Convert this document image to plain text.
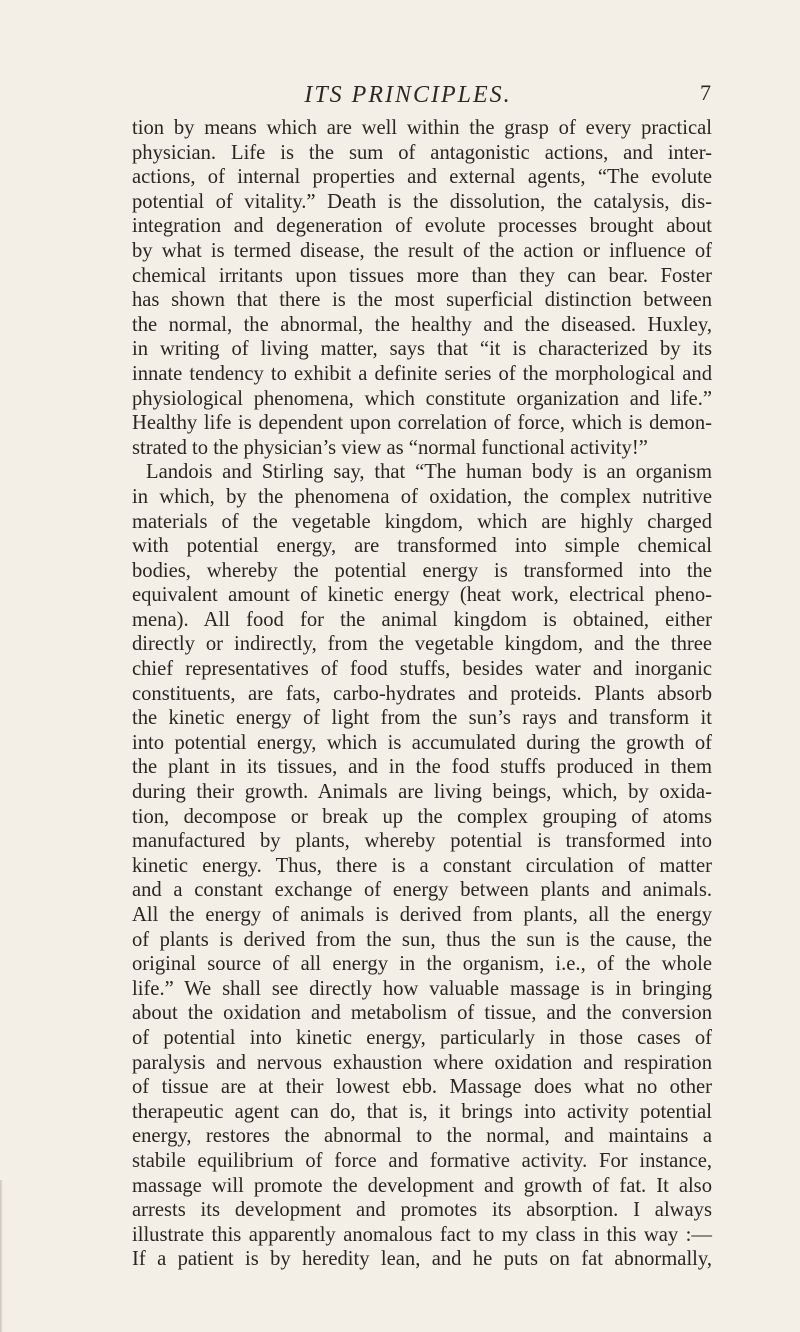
ITS PRINCIPLES.	7
tion by means which are well within the grasp of every practical
physician. Life is the sum of antagonistic actions, and inter-
actions, of internal properties and external agents, “The evolute
potential of vitality.” Death is the dissolution, the catalysis, dis-
integration and degeneration of evolute processes brought about
by what is termed disease, the result of the action or influence of
chemical irritants upon tissues more than they can bear. Foster
has shown that there is the most superficial distinction between
the normal, the abnormal, the healthy and the diseased. Huxley,
in writing of living matter, says that “it is characterized by its
innate tendency to exhibit a definite series of the morphological and
physiological phenomena, which constitute organization and life.”
Healthy life is dependent upon correlation of force, which is demon-
strated to the physician’s view as “normal functional activity!”
Landois and Stirling say, that “The human body is an organism
in which, by the phenomena of oxidation, the complex nutritive
materials of the vegetable kingdom, which are highly charged
with potential energy, are transformed into simple chemical
bodies, whereby the potential energy is transformed into the
equivalent amount of kinetic energy (heat work, electrical pheno-
mena). All food for the animal kingdom is obtained, either
directly or indirectly, from the vegetable kingdom, and the three
chief representatives of food stuffs, besides water and inorganic
constituents, are fats, carbo-hydrates and proteids. Plants absorb
the kinetic energy of light from the sun’s rays and transform it
into potential energy, which is accumulated during the growth of
the plant in its tissues, and in the food stuffs produced in them
during their growth. Animals are living beings, which, by oxida-
tion, decompose or break up the complex grouping of atoms
manufactured by plants, whereby potential is transformed into
kinetic energy. Thus, there is a constant circulation of matter
and a constant exchange of energy between plants and animals.
All the energy of animals is derived from plants, all the energy
of plants is derived from the sun, thus the sun is the cause, the
original source of all energy in the organism, i.e., of the whole
life.” We shall see directly how valuable massage is in bringing
about the oxidation and metabolism of tissue, and the conversion
of potential into kinetic energy, particularly in those cases of
paralysis and nervous exhaustion where oxidation and respiration
of tissue are at their lowest ebb. Massage does what no other
therapeutic agent can do, that is, it brings into activity potential
energy, restores the abnormal to the normal, and maintains a
stabile equilibrium of force and formative activity. For instance,
massage will promote the development and growth of fat. It also
arrests its development and promotes its absorption. I always
illustrate this apparently anomalous fact to my class in this way :—
If a patient is by heredity lean, and he puts on fat abnormally,
